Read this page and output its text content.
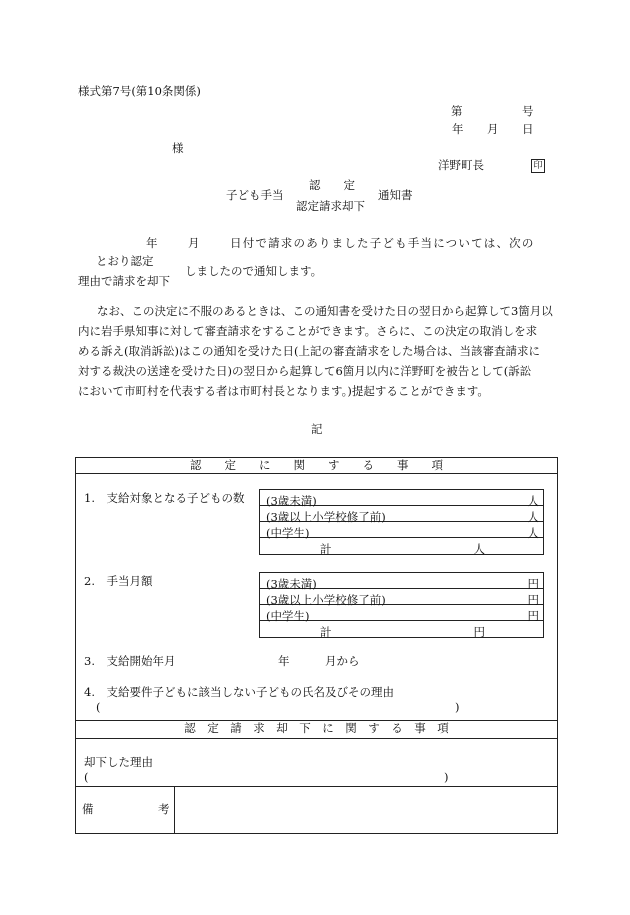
様式第7号(第10条関係)
第	号
年 月 日
様
洋野町長	印
子ども手当
認　　定
認定請求却下
通知書
年	月	日付で請求のありました子ども手当については、次の
とおり認定
しましたので通知します。
理由で請求を却下
なお、この決定に不服のあるときは、この通知書を受けた日の翌日から起算して3箇月以
内に岩手県知事に対して審査請求をすることができます。さらに、この決定の取消しを求
める訴え(取消訴訟)はこの通知を受けた日(上記の審査請求をした場合は、当該審査請求に
対する裁決の送達を受けた日)の翌日から起算して6箇月以内に洋野町を被告として(訴訟
において市町村を代表する者は市町村長となります。)提起することができます。
記
認　　定　　に　　関　　す　　る　　事　　項
1.　支給対象となる子どもの数 (3歳未満)	人
(3歳以上小学校修了前)	人
(中学生)	人
計	人
2.　手当月額	(3歳未満)	円
(3歳以上小学校修了前)	円
(中学生)	円
計	円
3.　支給開始年月	年	月から
4.　支給要件子どもに該当しない子どもの氏名及びその理由
(	)
認　定　請　求　却　下　に　関　す　る　事　項
却下した理由
(	)
備	考
